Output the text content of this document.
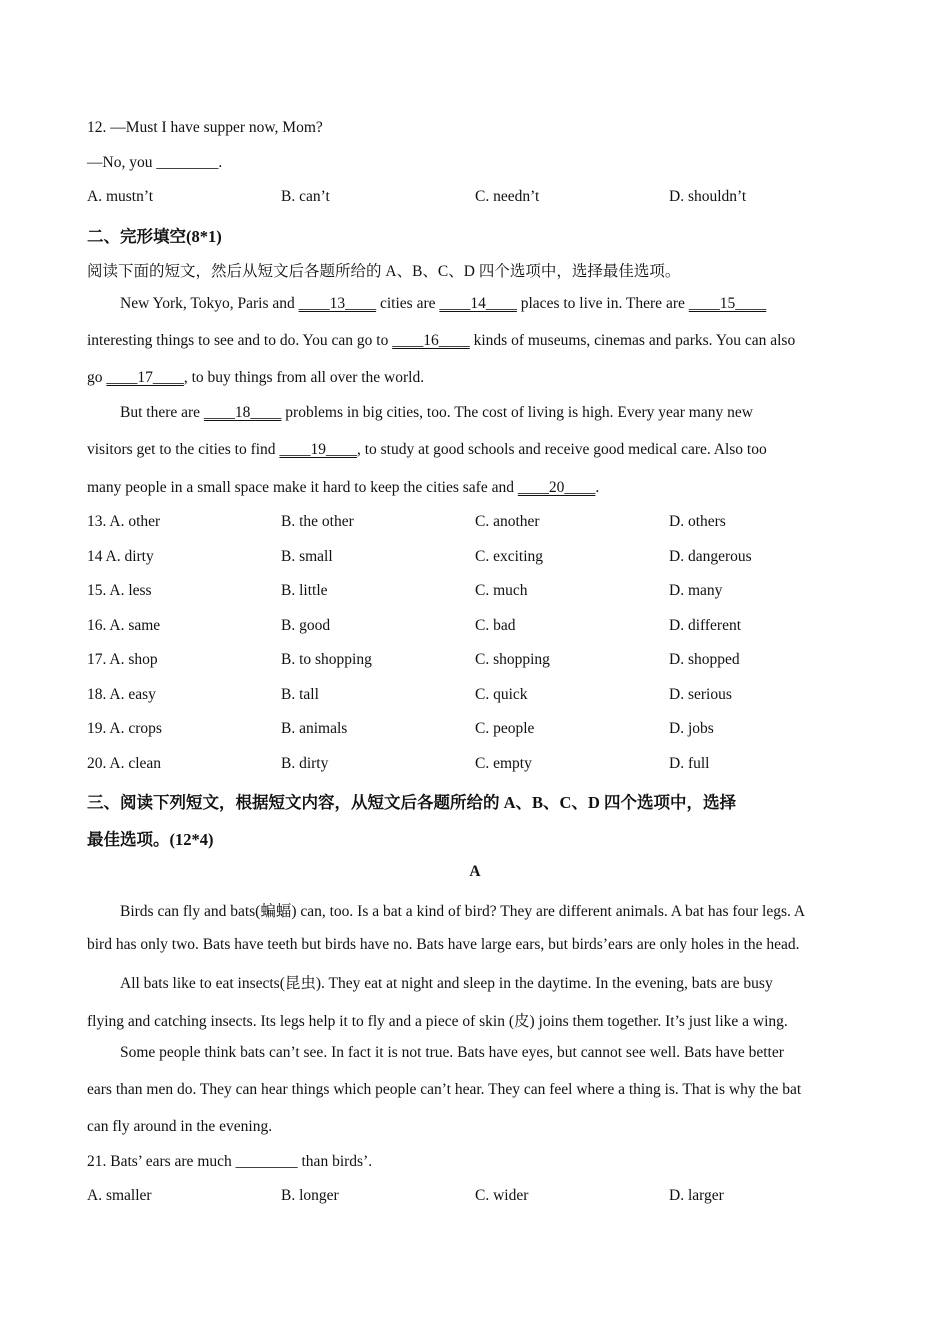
12. —Must I have supper now, Mom?
—No, you ________.
A. mustn’t	B. can’t	C. needn’t	D. shouldn’t
二、完形填空(8*1)
阅读下面的短文，然后从短文后各题所给的 A、B、C、D 四个选项中，选择最佳选项。
New York, Tokyo, Paris and ____13____ cities are ____14____ places to live in. There are ____15____
interesting things to see and to do. You can go to ____16____ kinds of museums, cinemas and parks. You can also
go ____17____, to buy things from all over the world.
But there are ____18____ problems in big cities, too. The cost of living is high. Every year many new
visitors get to the cities to find ____19____, to study at good schools and receive good medical care. Also too
many people in a small space make it hard to keep the cities safe and ____20____.
13. A. other	B. the other	C. another	D. others
14 A. dirty	B. small	C. exciting	D. dangerous
15. A. less	B. little	C. much	D. many
16. A. same	B. good	C. bad	D. different
17. A. shop	B. to shopping	C. shopping	D. shopped
18. A. easy	B. tall	C. quick	D. serious
19. A. crops	B. animals	C. people	D. jobs
20. A. clean	B. dirty	C. empty	D. full
三、阅读下列短文，根据短文内容，从短文后各题所给的 A、B、C、D 四个选项中，选择
最佳选项。(12*4)
A
Birds can fly and bats(蝙蝠) can, too. Is a bat a kind of bird? They are different animals. A bat has four legs. A
bird has only two. Bats have teeth but birds have no. Bats have large ears, but birds’ears are only holes in the head.
All bats like to eat insects(昆虫). They eat at night and sleep in the daytime. In the evening, bats are busy
flying and catching insects. Its legs help it to fly and a piece of skin (皮) joins them together. It’s just like a wing.
Some people think bats can’t see. In fact it is not true. Bats have eyes, but cannot see well. Bats have better
ears than men do. They can hear things which people can’t hear. They can feel where a thing is. That is why the bat
can fly around in the evening.
21. Bats’ ears are much ________ than birds’.
A. smaller	B. longer	C. wider	D. larger
